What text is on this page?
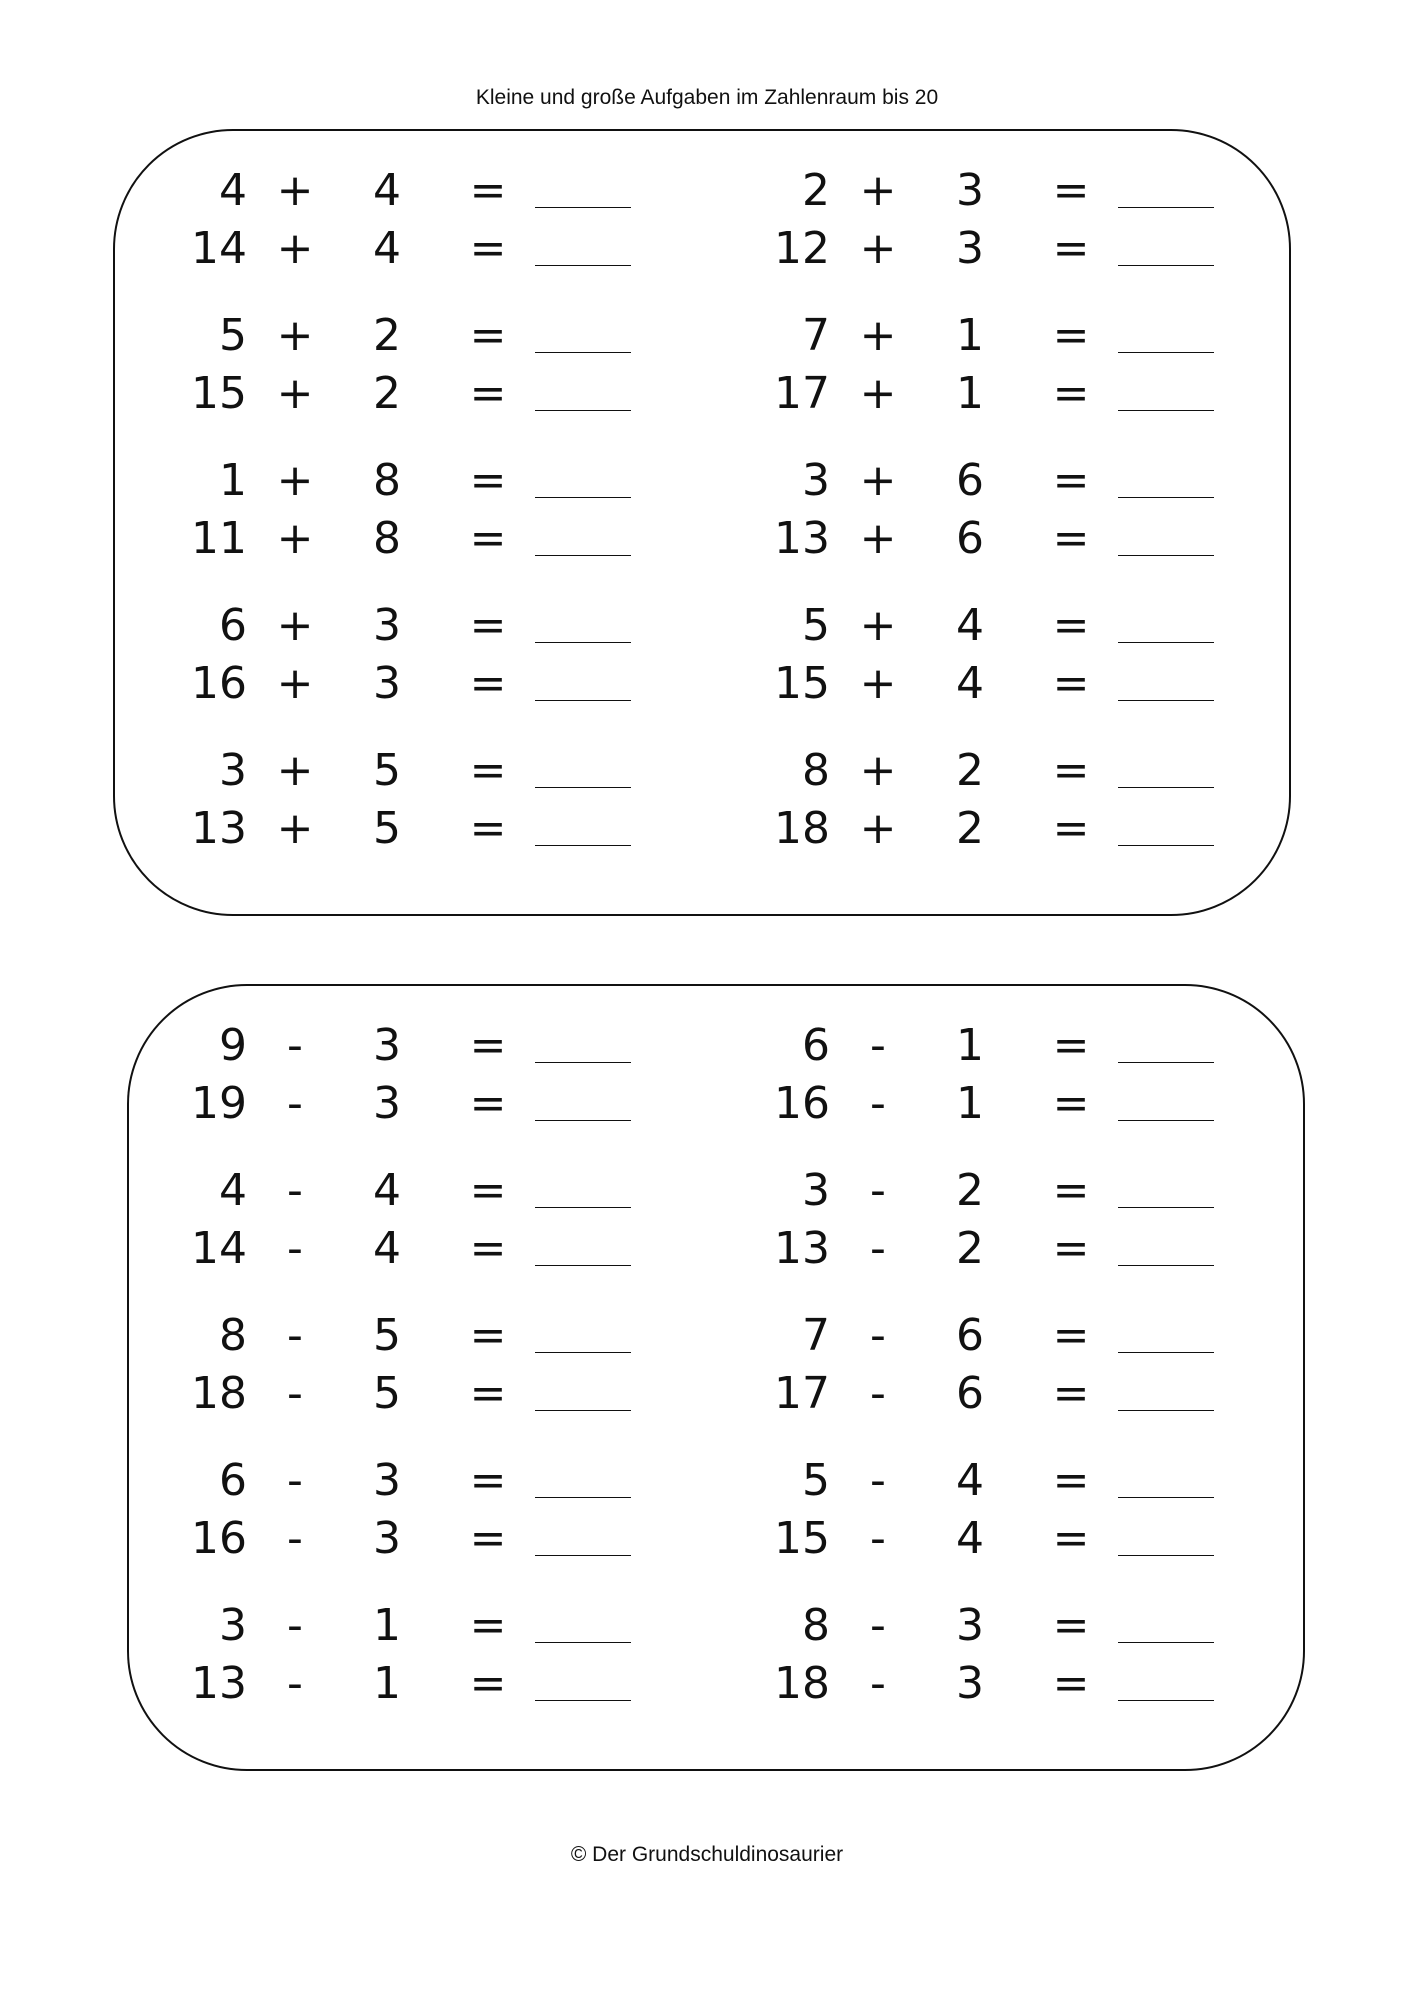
Kleine und große Aufgaben im Zahlenraum bis 20
4 +	4	=
14 +	4	=
5 +	2	=
15 +	2	=
1 +	8	=
11 +	8	=
6 +	3	=
16 +	3	=
3 +	5	=
13 +	5	=
2 +	3	=
12 +	3	=
7 +	1	=
17 +	1	=
3 +	6	=
13 +	6	=
5 +	4	=
15 +	4	=
8 +	2	=
18 +	2	=
9 -	3	=
19 -	3	=
4 -	4	=
14 -	4	=
8 -	5	=
18 -	5	=
6 -	3	=
16 -	3	=
3 -	1	=
13 -	1	=
6 -	1	=
16 -	1	=
3 -	2	=
13 -	2	=
7 -	6	=
17 -	6	=
5 -	4	=
15 -	4	=
8 -	3	=
18 -	3	=
© Der Grundschuldinosaurier
